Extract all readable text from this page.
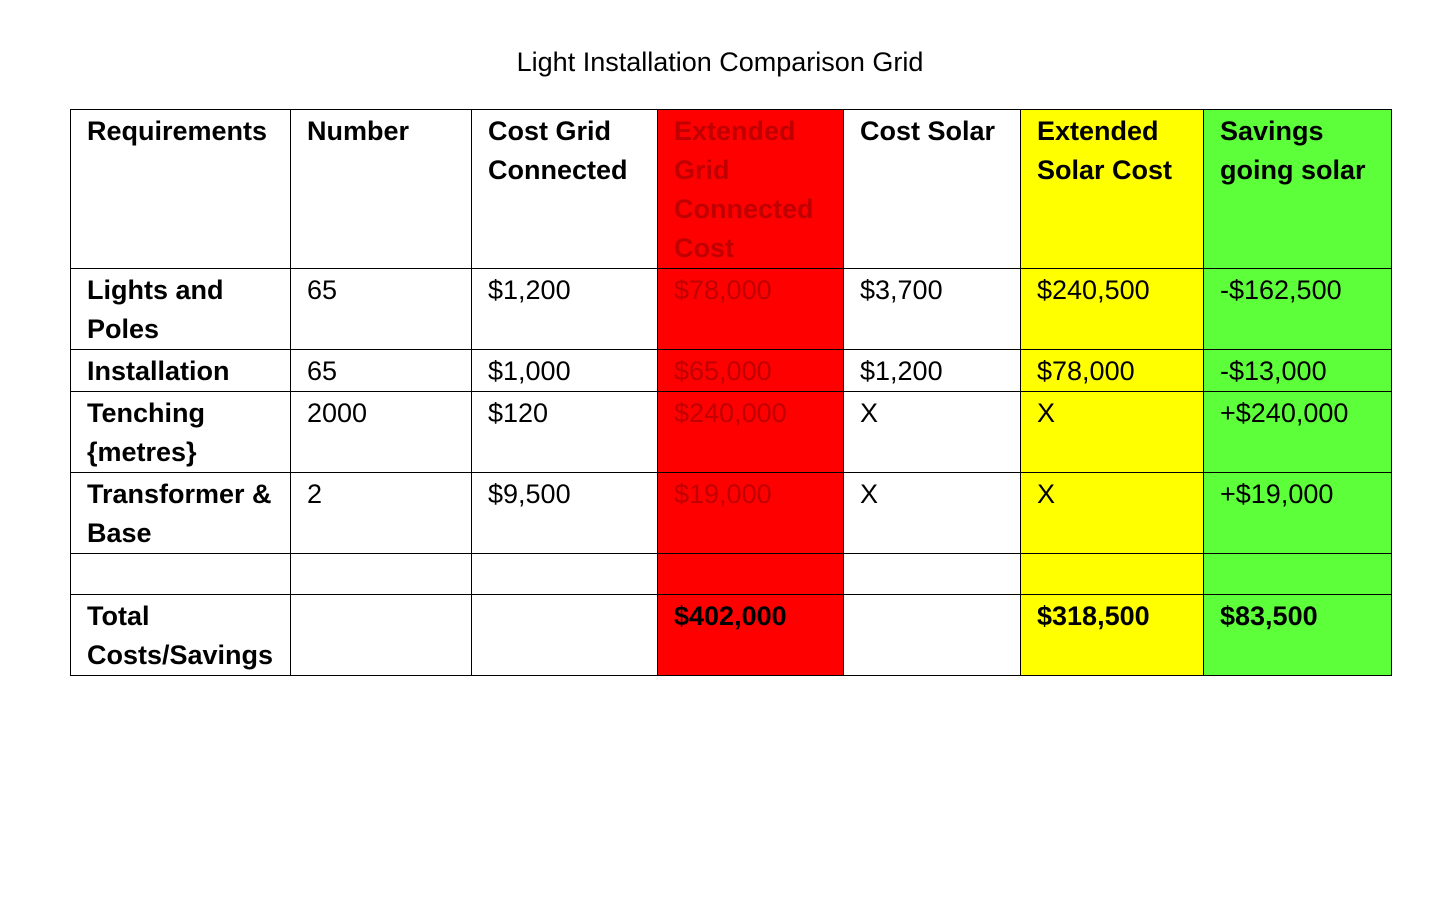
Light Installation Comparison Grid
Requirements	Number	Cost Grid Connected	Extended Grid Connected Cost	Cost Solar	Extended Solar Cost	Savings going solar
Lights and Poles	65	$1,200	$78,000	$3,700	$240,500	-$162,500
Installation	65	$1,000	$65,000	$1,200	$78,000	-$13,000
Tenching {metres}	2000	$120	$240,000	X	X	+$240,000
Transformer & Base	2	$9,500	$19,000	X	X	+$19,000

Total Costs/Savings			$402,000		$318,500	$83,500
